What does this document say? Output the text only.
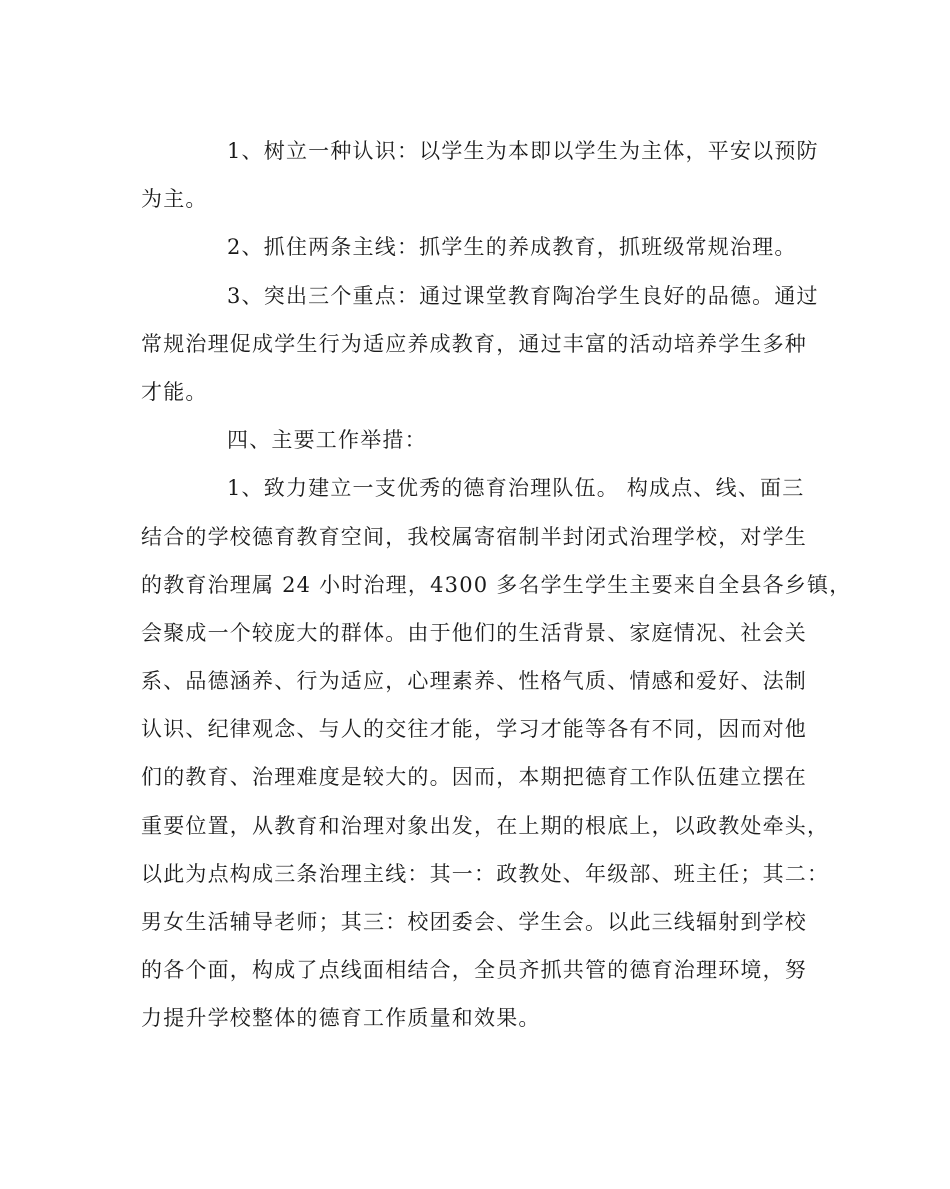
1、树立一种认识：以学生为本即以学生为主体，平安以预防
为主。
2、抓住两条主线：抓学生的养成教育，抓班级常规治理。
3、突出三个重点：通过课堂教育陶冶学生良好的品德。通过
常规治理促成学生行为适应养成教育，通过丰富的活动培养学生多种
才能。
四、主要工作举措：
1、致力建立一支优秀的德育治理队伍。 构成点、线、面三
结合的学校德育教育空间，我校属寄宿制半封闭式治理学校，对学生
的教育治理属 24 小时治理，4300 多名学生学生主要来自全县各乡镇，
会聚成一个较庞大的群体。由于他们的生活背景、家庭情况、社会关
系、品德涵养、行为适应，心理素养、性格气质、情感和爱好、法制
认识、纪律观念、与人的交往才能，学习才能等各有不同，因而对他
们的教育、治理难度是较大的。因而，本期把德育工作队伍建立摆在
重要位置，从教育和治理对象出发，在上期的根底上，以政教处牵头，
以此为点构成三条治理主线：其一：政教处、年级部、班主任；其二：
男女生活辅导老师；其三：校团委会、学生会。以此三线辐射到学校
的各个面，构成了点线面相结合，全员齐抓共管的德育治理环境，努
力提升学校整体的德育工作质量和效果。
